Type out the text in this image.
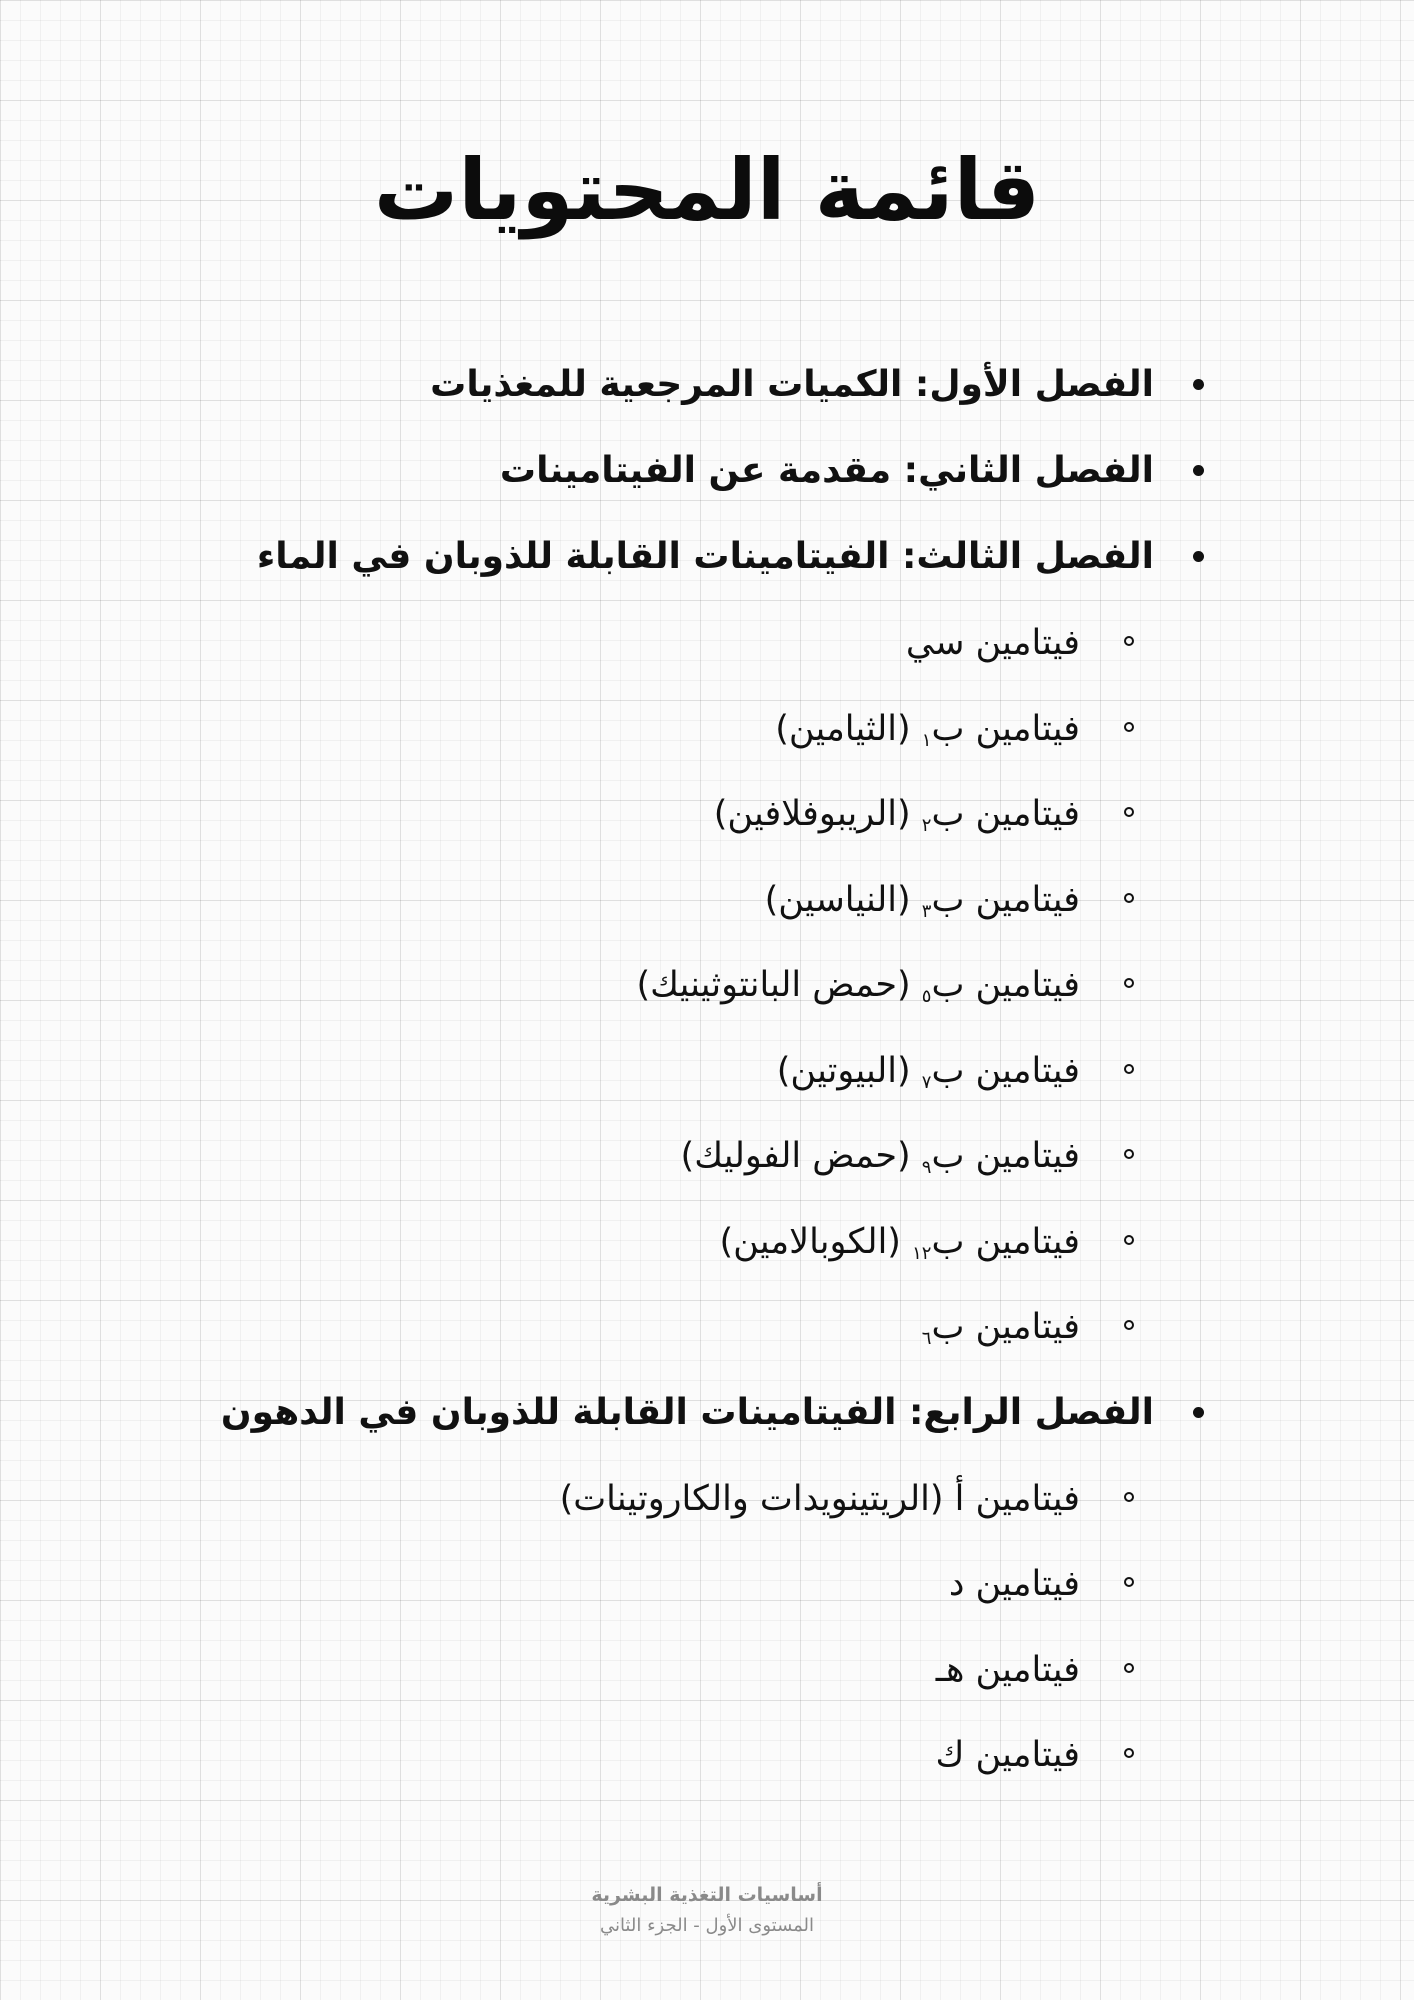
قائمة المحتويات
الفصل الأول: الكميات المرجعية للمغذيات
الفصل الثاني: مقدمة عن الفيتامينات
الفصل الثالث: الفيتامينات القابلة للذوبان في الماء
فيتامين سي
فيتامين ب$_١$ (الثيامين)
فيتامين ب$_٢$ (الريبوفلافين)
فيتامين ب$_٣$ (النياسين)
فيتامين ب$_٥$ (حمض البانتوثينيك)
فيتامين ب$_٧$ (البيوتين)
فيتامين ب$_٩$ (حمض الفوليك)
فيتامين ب$_{١٢}$ (الكوبالامين)
فيتامين ب$_٦$
الفصل الرابع: الفيتامينات القابلة للذوبان في الدهون
فيتامين أ (الريتينويدات والكاروتينات)
فيتامين د
فيتامين هـ
فيتامين ك
أساسيات التغذية البشرية
المستوى الأول - الجزء الثاني
